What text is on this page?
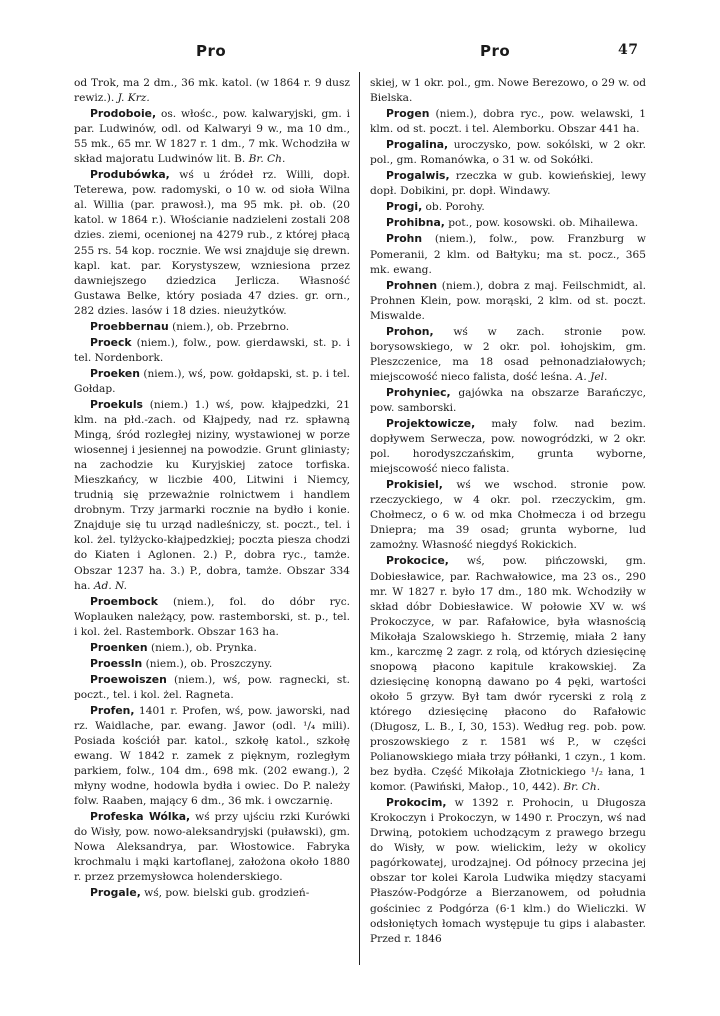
Pro	Pro	47

od Trok, ma 2 dm., 36 mk. katol. (w 1864 r. 9 dusz rewiz.). J. Krz.

Prodoboie, os. włośc., pow. kalwaryjski, gm. i par. Ludwinów, odl. od Kalwaryi 9 w., ma 10 dm., 55 mk., 65 mr. W 1827 r. 1 dm., 7 mk. Wchodziła w skład majoratu Ludwinów lit. B. Br. Ch.

Produbówka, wś u źródeł rz. Willi, dopł. Teterewa, pow. radomyski, o 10 w. od sioła Wilna al. Willia (par. prawosł.), ma 95 mk. pł. ob. (20 katol. w 1864 r.). Włościanie nadzieleni zostali 208 dzies. ziemi, ocenionej na 4279 rub., z której płacą 255 rs. 54 kop. rocznie. We wsi znajduje się drewn. kapl. kat. par. Korystyszew, wzniesiona przez dawniejszego dziedzica Jerlicza. Własność Gustawa Belke, który posiada 47 dzies. gr. orn., 282 dzies. lasów i 18 dzies. nieużytków.

Proebbernau (niem.), ob. Przebrno.

Proeck (niem.), folw., pow. gierdawski, st. p. i tel. Nordenbork.

Proeken (niem.), wś, pow. gołdapski, st. p. i tel. Gołdap.

Proekuls (niem.) 1.) wś, pow. kłajpedzki, 21 klm. na płd.-zach. od Kłajpedy, nad rz. spławną Mingą, śród rozległej niziny, wystawionej w porze wiosennej i jesiennej na powodzie. Grunt gliniasty; na zachodzie ku Kuryjskiej zatoce torfiska. Mieszkańcy, w liczbie 400, Litwini i Niemcy, trudnią się przeważnie rolnictwem i handlem drobnym. Trzy jarmarki rocznie na bydło i konie. Znajduje się tu urząd nadleśniczy, st. poczt., tel. i kol. żel. tylżycko-kłajpedzkiej; poczta piesza chodzi do Kiaten i Aglonen. 2.) P., dobra ryc., tamże. Obszar 1237 ha. 3.) P., dobra, tamże. Obszar 334 ha. Ad. N.

Proembock (niem.), fol. do dóbr ryc. Woplauken należący, pow. rastemborski, st. p., tel. i kol. żel. Rastembork. Obszar 163 ha.

Proenken (niem.), ob. Prynka.

Proessln (niem.), ob. Proszczyny.

Proewoiszen (niem.), wś, pow. ragnecki, st. poczt., tel. i kol. żel. Ragneta.

Profen, 1401 r. Profen, wś, pow. jaworski, nad rz. Waidlache, par. ewang. Jawor (odl. ¹/₄ mili). Posiada kościół par. katol., szkołę katol., szkołę ewang. W 1842 r. zamek z pięknym, rozległym parkiem, folw., 104 dm., 698 mk. (202 ewang.), 2 młyny wodne, hodowla bydła i owiec. Do P. należy folw. Raaben, mający 6 dm., 36 mk. i owczarnię.

Profeska Wólka, wś przy ujściu rzki Kurówki do Wisły, pow. nowo-aleksandryjski (puławski), gm. Nowa Aleksandrya, par. Włostowice. Fabryka krochmalu i mąki kartoflanej, założona około 1880 r. przez przemysłowca holenderskiego.

Progale, wś, pow. bielski gub. grodzień-

skiej, w 1 okr. pol., gm. Nowe Berezowo, o 29 w. od Bielska.

Progen (niem.), dobra ryc., pow. welawski, 1 klm. od st. poczt. i tel. Alemborku. Obszar 441 ha.

Progalina, uroczysko, pow. sokólski, w 2 okr. pol., gm. Romanówka, o 31 w. od Sokółki.

Progalwis, rzeczka w gub. kowieńskiej, lewy dopł. Dobikini, pr. dopł. Windawy.

Progi, ob. Porohy.

Prohibna, pot., pow. kosowski. ob. Mihailewa.

Prohn (niem.), folw., pow. Franzburg w Pomeranii, 2 klm. od Bałtyku; ma st. pocz., 365 mk. ewang.

Prohnen (niem.), dobra z maj. Feilschmidt, al. Prohnen Klein, pow. morąski, 2 klm. od st. poczt. Miswalde.

Prohon, wś w zach. stronie pow. borysowskiego, w 2 okr. pol. łohojskim, gm. Pleszczenice, ma 18 osad pełnonadziałowych; miejscowość nieco falista, dość leśna. A. Jel.

Prohyniec, gajówka na obszarze Barańczyc, pow. samborski.

Projektowicze, mały folw. nad bezim. dopływem Serwecza, pow. nowogródzki, w 2 okr. pol. horodyszczańskim, grunta wyborne, miejscowość nieco falista.

Prokisiel, wś we wschod. stronie pow. rzeczyckiego, w 4 okr. pol. rzeczyckim, gm. Chołmecz, o 6 w. od mka Chołmecza i od brzegu Dniepra; ma 39 osad; grunta wyborne, lud zamożny. Własność niegdyś Rokickich.

Prokocice, wś, pow. pińczowski, gm. Dobiesławice, par. Rachwałowice, ma 23 os., 290 mr. W 1827 r. było 17 dm., 180 mk. Wchodziły w skład dóbr Dobiesławice. W połowie XV w. wś Prokoczyce, w par. Rafałowice, była własnością Mikołaja Szalowskiego h. Strzemię, miała 2 łany km., karczmę 2 zagr. z rolą, od których dziesięcinę snopową płacono kapitule krakowskiej. Za dziesięcinę konopną dawano po 4 pęki, wartości około 5 grzyw. Był tam dwór rycerski z rolą z którego dziesięcinę płacono do Rafałowic (Długosz, L. B., I, 30, 153). Według reg. pob. pow. proszowskiego z r. 1581 wś P., w części Polianowskiego miała trzy półłanki, 1 czyn., 1 kom. bez bydła. Część Mikołaja Złotnickiego ¹/₂ łana, 1 komor. (Pawiński, Małop., 10, 442). Br. Ch.

Prokocim, w 1392 r. Prohocin, u Długosza Krokoczyn i Prokoczyn, w 1490 r. Proczyn, wś nad Drwiną, potokiem uchodzącym z prawego brzegu do Wisły, w pow. wielickim, leży w okolicy pagórkowatej, urodzajnej. Od północy przecina jej obszar tor kolei Karola Ludwika między stacyami Płaszów-Podgórze a Bierzanowem, od południa gościniec z Podgórza (6·1 klm.) do Wieliczki. W odsłoniętych łomach występuje tu gips i alabaster. Przed r. 1846
